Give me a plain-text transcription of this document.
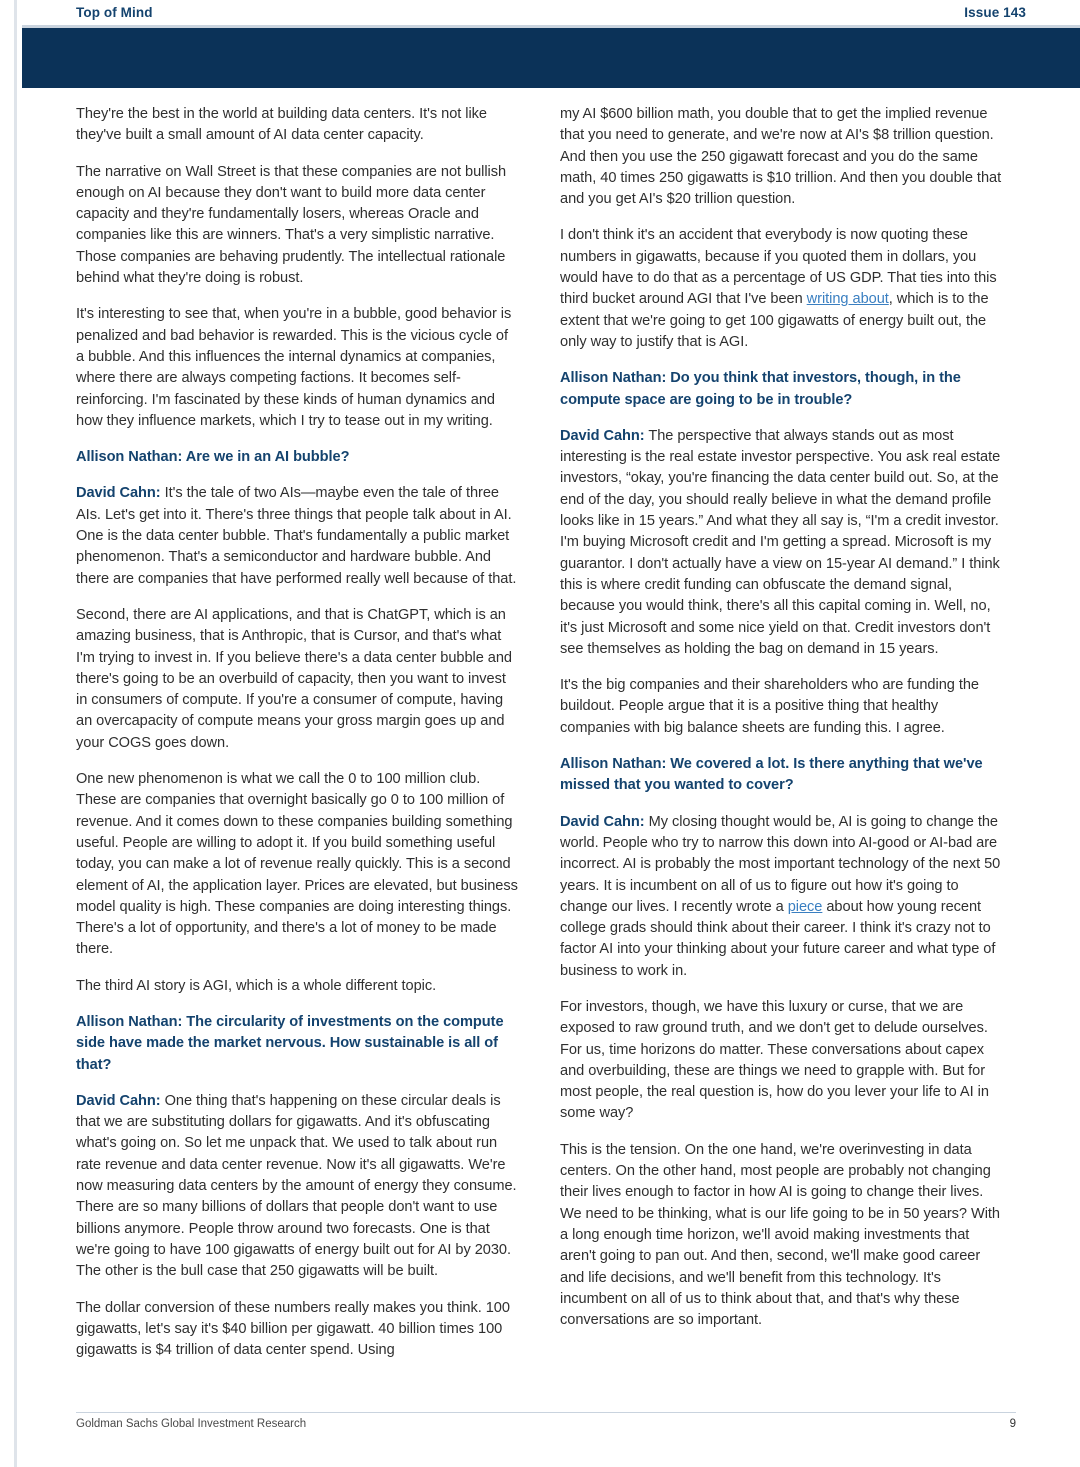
Top of Mind	Issue 143

They're the best in the world at building data centers. It's not like they've built a small amount of AI data center capacity.

The narrative on Wall Street is that these companies are not bullish enough on AI because they don't want to build more data center capacity and they're fundamentally losers, whereas Oracle and companies like this are winners. That's a very simplistic narrative. Those companies are behaving prudently. The intellectual rationale behind what they're doing is robust.

It's interesting to see that, when you're in a bubble, good behavior is penalized and bad behavior is rewarded. This is the vicious cycle of a bubble. And this influences the internal dynamics at companies, where there are always competing factions. It becomes self-reinforcing. I'm fascinated by these kinds of human dynamics and how they influence markets, which I try to tease out in my writing.

Allison Nathan: Are we in an AI bubble?

David Cahn: It's the tale of two AIs—maybe even the tale of three AIs. Let's get into it. There's three things that people talk about in AI. One is the data center bubble. That's fundamentally a public market phenomenon. That's a semiconductor and hardware bubble. And there are companies that have performed really well because of that.

Second, there are AI applications, and that is ChatGPT, which is an amazing business, that is Anthropic, that is Cursor, and that's what I'm trying to invest in. If you believe there's a data center bubble and there's going to be an overbuild of capacity, then you want to invest in consumers of compute. If you're a consumer of compute, having an overcapacity of compute means your gross margin goes up and your COGS goes down.

One new phenomenon is what we call the 0 to 100 million club. These are companies that overnight basically go 0 to 100 million of revenue. And it comes down to these companies building something useful. People are willing to adopt it. If you build something useful today, you can make a lot of revenue really quickly. This is a second element of AI, the application layer. Prices are elevated, but business model quality is high. These companies are doing interesting things. There's a lot of opportunity, and there's a lot of money to be made there.

The third AI story is AGI, which is a whole different topic.

Allison Nathan: The circularity of investments on the compute side have made the market nervous. How sustainable is all of that?

David Cahn: One thing that's happening on these circular deals is that we are substituting dollars for gigawatts. And it's obfuscating what's going on. So let me unpack that. We used to talk about run rate revenue and data center revenue. Now it's all gigawatts. We're now measuring data centers by the amount of energy they consume. There are so many billions of dollars that people don't want to use billions anymore. People throw around two forecasts. One is that we're going to have 100 gigawatts of energy built out for AI by 2030. The other is the bull case that 250 gigawatts will be built.

The dollar conversion of these numbers really makes you think. 100 gigawatts, let's say it's $40 billion per gigawatt. 40 billion times 100 gigawatts is $4 trillion of data center spend. Using

my AI $600 billion math, you double that to get the implied revenue that you need to generate, and we're now at AI's $8 trillion question. And then you use the 250 gigawatt forecast and you do the same math, 40 times 250 gigawatts is $10 trillion. And then you double that and you get AI's $20 trillion question.

I don't think it's an accident that everybody is now quoting these numbers in gigawatts, because if you quoted them in dollars, you would have to do that as a percentage of US GDP. That ties into this third bucket around AGI that I've been writing about, which is to the extent that we're going to get 100 gigawatts of energy built out, the only way to justify that is AGI.

Allison Nathan: Do you think that investors, though, in the compute space are going to be in trouble?

David Cahn: The perspective that always stands out as most interesting is the real estate investor perspective. You ask real estate investors, “okay, you're financing the data center build out. So, at the end of the day, you should really believe in what the demand profile looks like in 15 years.” And what they all say is, “I'm a credit investor. I'm buying Microsoft credit and I'm getting a spread. Microsoft is my guarantor. I don't actually have a view on 15-year AI demand.” I think this is where credit funding can obfuscate the demand signal, because you would think, there's all this capital coming in. Well, no, it's just Microsoft and some nice yield on that. Credit investors don't see themselves as holding the bag on demand in 15 years.

It's the big companies and their shareholders who are funding the buildout. People argue that it is a positive thing that healthy companies with big balance sheets are funding this. I agree.

Allison Nathan: We covered a lot. Is there anything that we've missed that you wanted to cover?

David Cahn: My closing thought would be, AI is going to change the world. People who try to narrow this down into AI-good or AI-bad are incorrect. AI is probably the most important technology of the next 50 years. It is incumbent on all of us to figure out how it's going to change our lives. I recently wrote a piece about how young recent college grads should think about their career. I think it's crazy not to factor AI into your thinking about your future career and what type of business to work in.

For investors, though, we have this luxury or curse, that we are exposed to raw ground truth, and we don't get to delude ourselves. For us, time horizons do matter. These conversations about capex and overbuilding, these are things we need to grapple with. But for most people, the real question is, how do you lever your life to AI in some way?

This is the tension. On the one hand, we're overinvesting in data centers. On the other hand, most people are probably not changing their lives enough to factor in how AI is going to change their lives. We need to be thinking, what is our life going to be in 50 years? With a long enough time horizon, we'll avoid making investments that aren't going to pan out. And then, second, we'll make good career and life decisions, and we'll benefit from this technology. It's incumbent on all of us to think about that, and that's why these conversations are so important.

Goldman Sachs Global Investment Research	9
